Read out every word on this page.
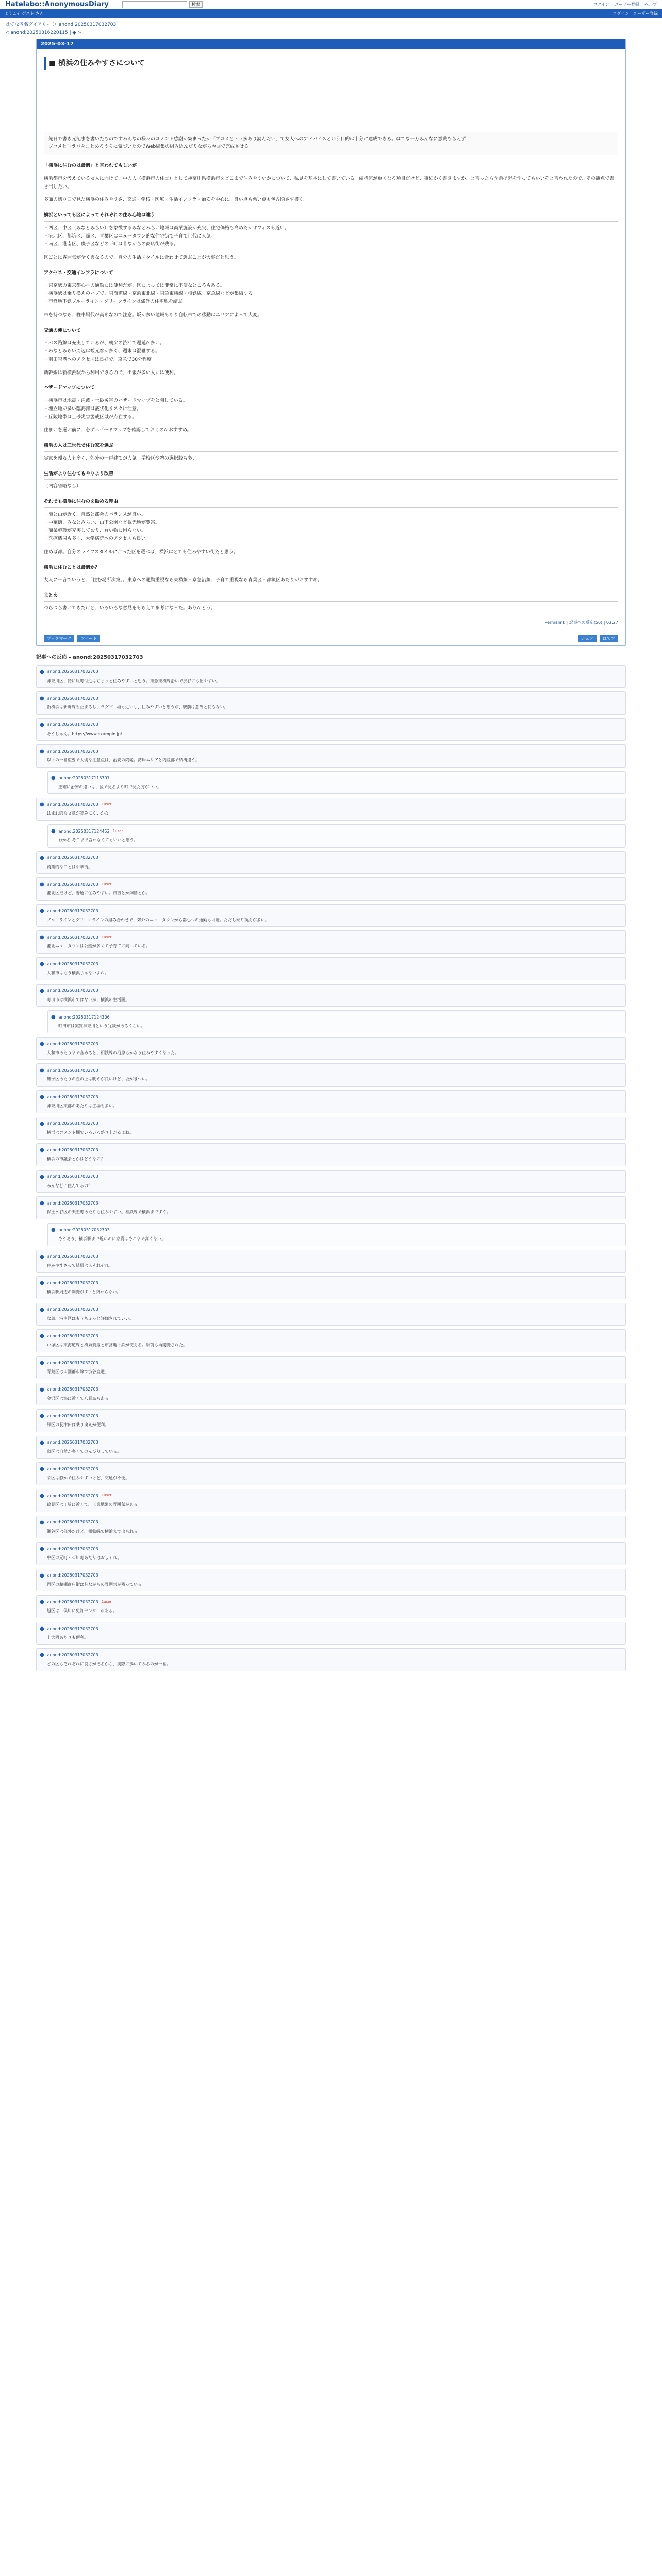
Hatelabo::AnonymousDiary	検索	ログイン ユーザー登録 ヘルプ
ようこそ ゲスト さん	ログイン ユーザー登録
はてな匿名ダイアリー ＞ anond:20250317032703
< anond:20250316220115 | ◆ >
2025-03-17
■ 横浜の住みやすさについて
先日で書き元記事を書いたものですみんなの様々のコメント感謝が集まったが「ブコメとトラ多あり読んだい」で友人へのアドバイスという目的は十分に達成できる。はてな一万みんなに意識もらえず
ブコメとトラバをまとめるうちに気づいたのでWeb編集の組み込んだりながら今回で完成させる
「横浜に住むのは最適」と言われてもしいが

横浜都市を考えている友人に向けて、中の人（横浜市の住民）として神奈川県横浜市をどこまで住みやすいかについて、私見を基本にして書いている。結構気が重くなる項目だけど、事細かく書きますか、と言ったら問題提起を作ってもいいぞと言われたので、その観点で書き出したい。

多面の切り口で見た横浜の住みやすさ、交通・学校・医療・生活インフラ・治安を中心に、良い点も悪い点も包み隠さず書く。

横浜といっても区によってそれぞれの住み心地は違う

・西区、中区（みなとみらい）を象徴するみなとみらい地域は商業施設が充実、住宅価格も高めだがオフィスも近い。
・港北区、都筑区、緑区、青葉区はニュータウン的な住宅街で子育て世代に人気。
・南区、港南区、磯子区などの下町は昔ながらの商店街が残る。

区ごとに雰囲気が全く異なるので、自分の生活スタイルに合わせて選ぶことが大事だと思う。

アクセス・交通インフラについて

・東京駅の東京都心への通勤には便利だが、区によっては非常に不便なところもある。
・横浜駅は乗り換えのハブで、東海道線・京浜東北線・東急東横線・相鉄線・京急線などが集結する。
・市営地下鉄ブルーライン・グリーンラインは郊外の住宅地を結ぶ。

車を持つなら、駐車場代が高めなので注意。坂が多い地域もあり自転車での移動はエリアによって大変。

交通の便について

・バス路線は充実しているが、朝夕の渋滞で遅延が多い。
・みなとみらい周辺は観光客が多く、週末は混雑する。
・羽田空港へのアクセスは良好で、京急で30分程度。

新幹線は新横浜駅から利用できるので、出張が多い人には便利。

ハザードマップについて

・横浜市は地震・津波・土砂災害のハザードマップを公開している。
・埋立地が多い臨海部は液状化リスクに注意。
・丘陵地帯は土砂災害警戒区域が点在する。

住まいを選ぶ前に、必ずハザードマップを確認しておくのがおすすめ。

横浜の人は三世代で住む家を選ぶ

実家を頼る人も多く、郊外の一戸建てが人気。学校区や塾の選択肢も多い。

生活がより住むてもやりより改善

（内容省略なし）

それでも横浜に住むのを勧める理由

・海と山が近く、自然と都会のバランスが良い。
・中華街、みなとみらい、山下公園など観光地が豊富。
・商業施設が充実しており、買い物に困らない。
・医療機関も多く、大学病院へのアクセスも良い。

住めば都。自分のライフスタイルに合った区を選べば、横浜はとても住みやすい街だと思う。

横浜に住むことは最適か？

友人に一言でいうと、「住む場所次第」。東京への通勤重視なら東横線・京急沿線、子育て重視なら青葉区・都筑区あたりがおすすめ。

まとめ

つらつら書いてきたけど、いろいろな意見をもらえて参考になった。ありがとう。

Permalink | 記事への反応(56) | 03:27
ブックマーク	ツイート	シェア	はてブ
記事への反応 - anond:20250317032703
● anond:20250317032703
神奈川区、特に反町付近はちょっと住みやすいと思う。東急東横線沿いで渋谷にも出やすい。
● anond:20250317032703
新横浜は新幹線も止まるし、ラグビー場も近いし、住みやすいと思うが、駅前は意外と何もない。
● anond:20250317032703
そうじゃん。https://www.example.jp/
● anond:20250317032703
以下の一番重要で大切な注意点は、治安の問題。湾岸エリアと内陸部で結構違う。
● anond:20250317115707
正確に治安の違いは、区で見るより町で見た方がいい。
● anond:20250317032703 1user
はまれ的な文章が読みにくいかな。
● anond:20250317124452 1user
わかる そこまで言わなくてもいいと思う。
● anond:20250317032703
商業的なことは中華街。
● anond:20250317032703 1user
港北区だけど、普通に住みやすい。日吉とか綱島とか。
● anond:20250317032703
ブルーラインとグリーンラインの組み合わせで、郊外のニュータウンから都心への通勤も可能。ただし乗り換えが多い。
● anond:20250317032703 1user
港北ニュータウンは公園が多くて子育てに向いている。
● anond:20250317032703
大和市はもう横浜じゃないよね。
● anond:20250317032703
町田市は横浜市ではないが、横浜の生活圏。
● anond:20250317124306
町田市は実質神奈川という冗談があるくらい。
● anond:20250317032703
大和市あたりまで含めると、相鉄線の沿線もかなり住みやすくなった。
● anond:20250317032703
磯子区あたりの丘の上は眺めが良いけど、坂がきつい。
● anond:20250317032703
神奈川区東部のあたりは工場も多い。
● anond:20250317032703
横浜はコメント欄でいろいろ盛り上がるよね。
● anond:20250317032703
横浜の市議会とかはどうなの？
● anond:20250317032703
みんなどこ住んでるの？
● anond:20250317032703
保土ケ谷区の天王町あたりも住みやすい。相鉄線で横浜まですぐ。
● anond:20250317032703
そうそう、横浜駅まで近いのに家賃はそこまで高くない。
● anond:20250317032703
住みやすさって結局は人それぞれ。
● anond:20250317032703
横浜駅周辺の開発がずっと終わらない。
● anond:20250317032703
なお、港南区はもうちょっと評価されていい。
● anond:20250317032703
戸塚区は東海道線と横須賀線と市営地下鉄が使える。駅前も再開発された。
● anond:20250317032703
青葉区は田園都市線で渋谷直通。
● anond:20250317032703
金沢区は海に近くて八景島もある。
● anond:20250317032703
緑区の長津田は乗り換えが便利。
● anond:20250317032703
泉区は自然が多くてのんびりしている。
● anond:20250317032703
栄区は静かで住みやすいけど、交通が不便。
● anond:20250317032703 1user
鶴見区は川崎に近くて、工業地帯の雰囲気がある。
● anond:20250317032703
瀬谷区は郊外だけど、相鉄線で横浜まで出られる。
● anond:20250317032703
中区の元町・石川町あたりはおしゃれ。
● anond:20250317032703
西区の藤棚商店街は昔ながらの雰囲気が残っている。
● anond:20250317032703 1user
旭区は二俣川に免許センターがある。
● anond:20250317032703
上大岡あたりも便利。
● anond:20250317032703
どの区もそれぞれに良さがあるから、実際に歩いてみるのが一番。
